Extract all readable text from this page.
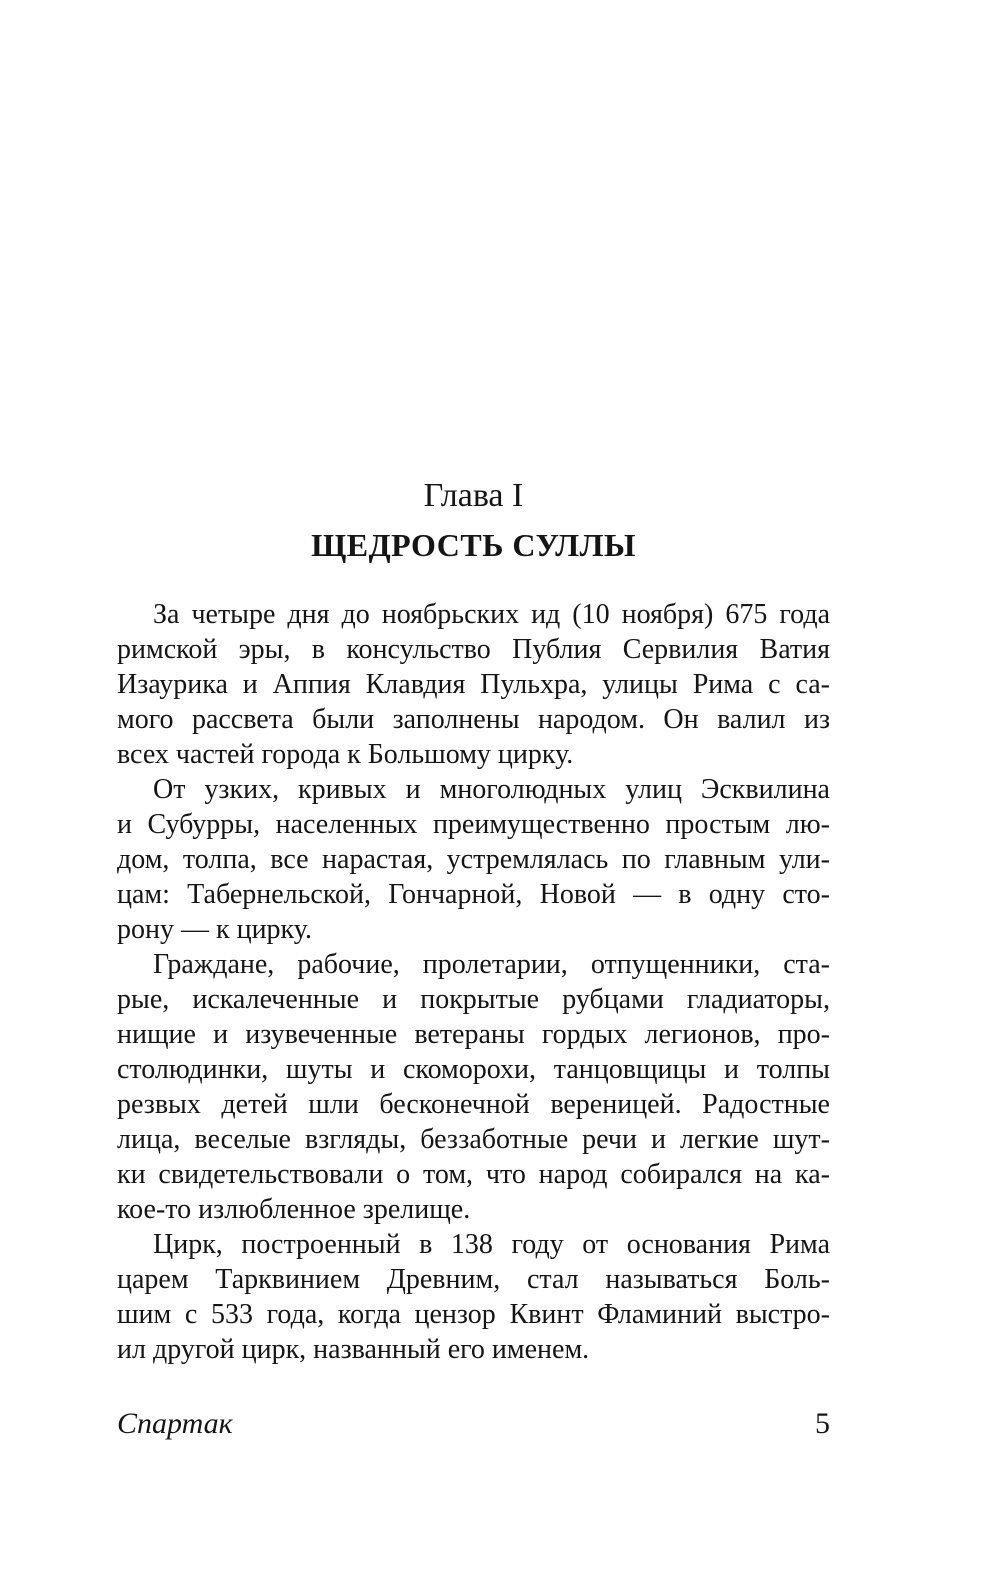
Глава I
ЩЕДРОСТЬ СУЛЛЫ
За четыре дня до ноябрьских ид (10 ноября) 675 года
римской эры, в консульство Публия Сервилия Ватия
Изаурика и Аппия Клавдия Пульхра, улицы Рима с са-
мого рассвета были заполнены народом. Он валил из
всех частей города к Большому цирку.
От узких, кривых и многолюдных улиц Эсквилина
и Субурры, населенных преимущественно простым лю-
дом, толпа, все нарастая, устремлялась по главным ули-
цам: Табернельской, Гончарной, Новой — в одну сто-
рону — к цирку.
Граждане, рабочие, пролетарии, отпущенники, ста-
рые, искалеченные и покрытые рубцами гладиаторы,
нищие и изувеченные ветераны гордых легионов, про-
столюдинки, шуты и скоморохи, танцовщицы и толпы
резвых детей шли бесконечной вереницей. Радостные
лица, веселые взгляды, беззаботные речи и легкие шут-
ки свидетельствовали о том, что народ собирался на ка-
кое-то излюбленное зрелище.
Цирк, построенный в 138 году от основания Рима
царем Тарквинием Древним, стал называться Боль-
шим с 533 года, когда цензор Квинт Фламиний выстро-
ил другой цирк, названный его именем.
Спартак	5
